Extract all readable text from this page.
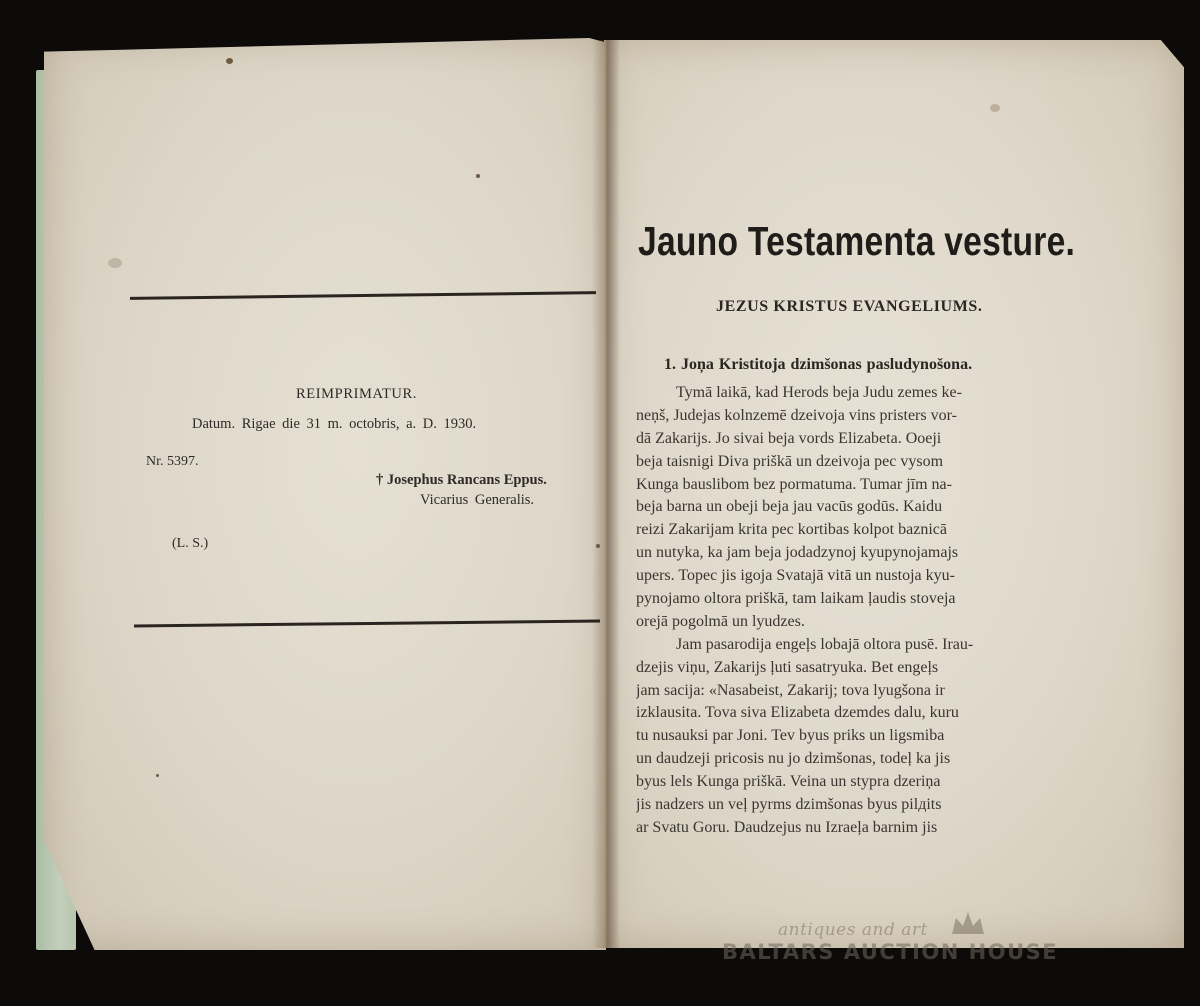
REIMPRIMATUR.
Datum. Rigae die 31 m. octobris, a. D. 1930.
Nr. 5397.
† Josephus Rancans Eppus.
Vicarius Generalis.
(L. S.)
Jauno Testamenta vesture.
JEZUS KRISTUS EVANGELIUMS.
1. Joņa Kristitoja dzimšonas pasludynošona.
Tymā laikā, kad Herods beja Judu zemes ke-
neņš, Judejas kolnzemē dzeivoja vins pristers vor-
dā Zakarijs. Jo sivai beja vords Elizabeta. Ooeji
beja taisnigi Diva priškā un dzeivoja pec vysom
Kunga bauslibom bez pormatuma. Tumar jīm na-
beja barna un obeji beja jau vacūs godūs. Kaidu
reizi Zakarijam krita pec kortibas kolpot baznicā
un nutyka, ka jam beja jodadzynoj kyupynojamajs
upers. Topec jis igoja Svatajā vitā un nustoja kyu-
pynojamo oltora priškā, tam laikam ļaudis stoveja
orejā pogolmā un lyudzes.
Jam pasarodija engeļs lobajā oltora pusē. Irau-
dzejis viņu, Zakarijs ļuti sasatryuka. Bet engeļs
jam sacija: «Nasabeist, Zakarij; tova lyugšona ir
izklausita. Tova siva Elizabeta dzemdes dalu, kuru
tu nusauksi par Joni. Tev byus priks un ligsmiba
un daudzeji pricosis nu jo dzimšonas, todeļ ka jis
byus lels Kunga priškā. Veina un stypra dzeriņa
jis nadzers un veļ pyrms dzimšonas byus pilдits
ar Svatu Goru. Daudzejus nu Izraeļa barnim jis
antiques and art
BALTARS AUCTION HOUSE
